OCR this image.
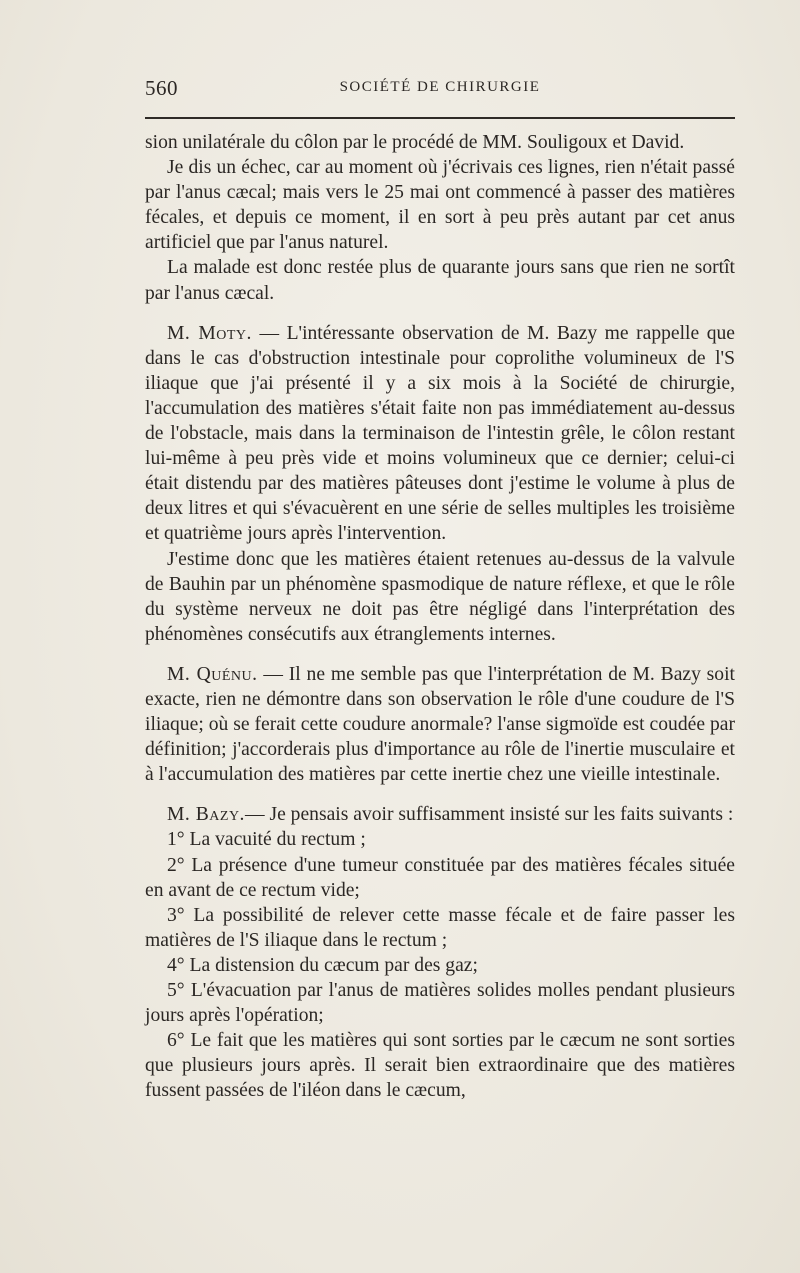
560	SOCIÉTÉ DE CHIRURGIE

sion unilatérale du côlon par le procédé de MM. Souligoux et David.

Je dis un échec, car au moment où j'écrivais ces lignes, rien n'était passé par l'anus cæcal; mais vers le 25 mai ont commencé à passer des matières fécales, et depuis ce moment, il en sort à peu près autant par cet anus artificiel que par l'anus naturel.

La malade est donc restée plus de quarante jours sans que rien ne sortît par l'anus cæcal.

M. Moty. — L'intéressante observation de M. Bazy me rappelle que dans le cas d'obstruction intestinale pour coprolithe volumineux de l'S iliaque que j'ai présenté il y a six mois à la Société de chirurgie, l'accumulation des matières s'était faite non pas immédiatement au-dessus de l'obstacle, mais dans la terminaison de l'intestin grêle, le côlon restant lui-même à peu près vide et moins volumineux que ce dernier; celui-ci était distendu par des matières pâteuses dont j'estime le volume à plus de deux litres et qui s'évacuèrent en une série de selles multiples les troisième et quatrième jours après l'intervention.

J'estime donc que les matières étaient retenues au-dessus de la valvule de Bauhin par un phénomène spasmodique de nature réflexe, et que le rôle du système nerveux ne doit pas être négligé dans l'interprétation des phénomènes consécutifs aux étranglements internes.

M. Quénu. — Il ne me semble pas que l'interprétation de M. Bazy soit exacte, rien ne démontre dans son observation le rôle d'une coudure de l'S iliaque; où se ferait cette coudure anormale? l'anse sigmoïde est coudée par définition; j'accorderais plus d'importance au rôle de l'inertie musculaire et à l'accumulation des matières par cette inertie chez une vieille intestinale.

M. Bazy.— Je pensais avoir suffisamment insisté sur les faits suivants :

1° La vacuité du rectum ;

2° La présence d'une tumeur constituée par des matières fécales située en avant de ce rectum vide;

3° La possibilité de relever cette masse fécale et de faire passer les matières de l'S iliaque dans le rectum ;

4° La distension du cæcum par des gaz;

5° L'évacuation par l'anus de matières solides molles pendant plusieurs jours après l'opération;

6° Le fait que les matières qui sont sorties par le cæcum ne sont sorties que plusieurs jours après. Il serait bien extraordinaire que des matières fussent passées de l'iléon dans le cæcum,
